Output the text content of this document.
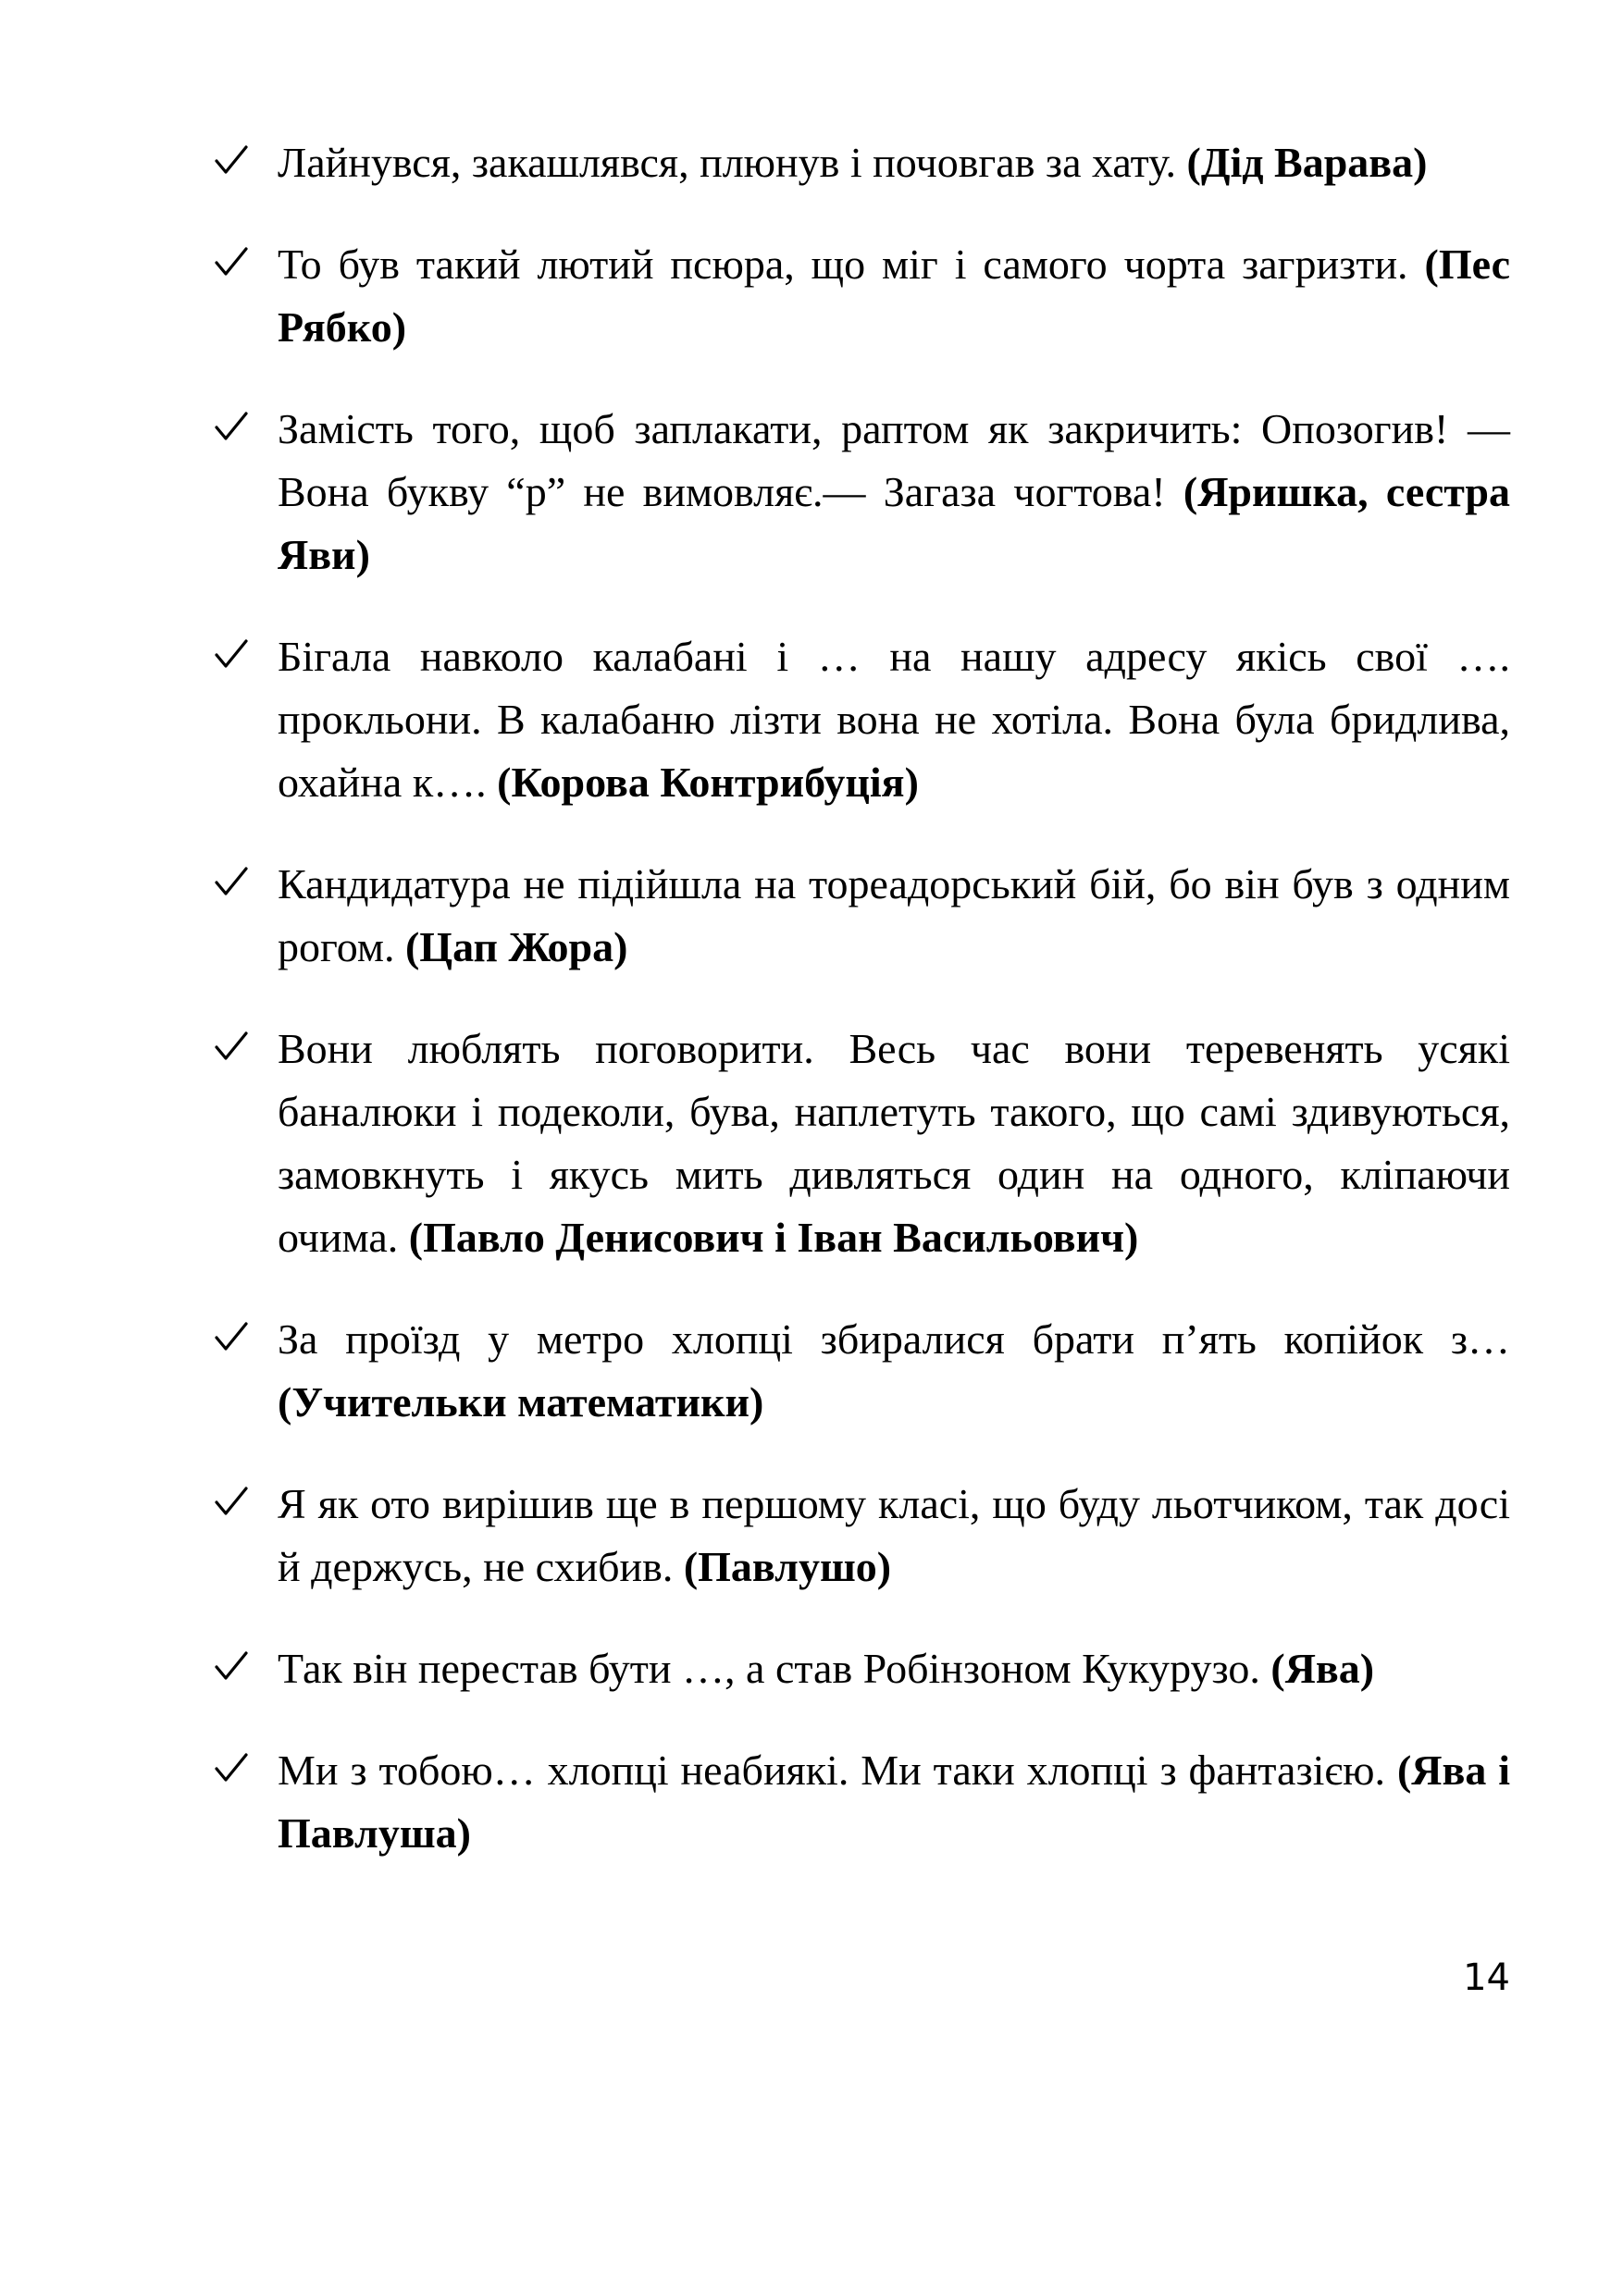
Лайнувся, закашлявся, плюнув і почовгав за хату. (Дід Варава)
То був такий лютий псюра, що міг і самого чорта загризти. (Пес Рябко)
Замість того, щоб заплакати, раптом як закричить: Опозогив! — Вона букву “р” не вимовляє.— Загаза чогтова! (Яришка, сестра Яви)
Бігала навколо калабані і … на нашу адресу якісь свої …. прокльони. В калабаню лізти вона не хотіла. Вона була бридлива, охайна к…. (Корова Контрибуція)
Кандидатура не підійшла на тореадорський бій, бо він був з одним рогом. (Цап Жора)
Вони люблять поговорити. Весь час вони теревенять усякі баналюки і подеколи, бува, наплетуть такого, що самі здивуються, замовкнуть і якусь мить дивляться один на одного, кліпаючи очима. (Павло Денисович і Іван Васильович)
За проїзд у метро хлопці збиралися брати п’ять копійок з… (Учительки математики)
Я як ото вирішив ще в першому класі, що буду льотчиком, так досі й держусь, не схибив. (Павлушо)
Так він перестав бути …, а став Робінзоном Кукурузо. (Ява)
Ми з тобою… хлопці неабиякі. Ми таки хлопці з фантазією. (Ява і Павлуша)
14
